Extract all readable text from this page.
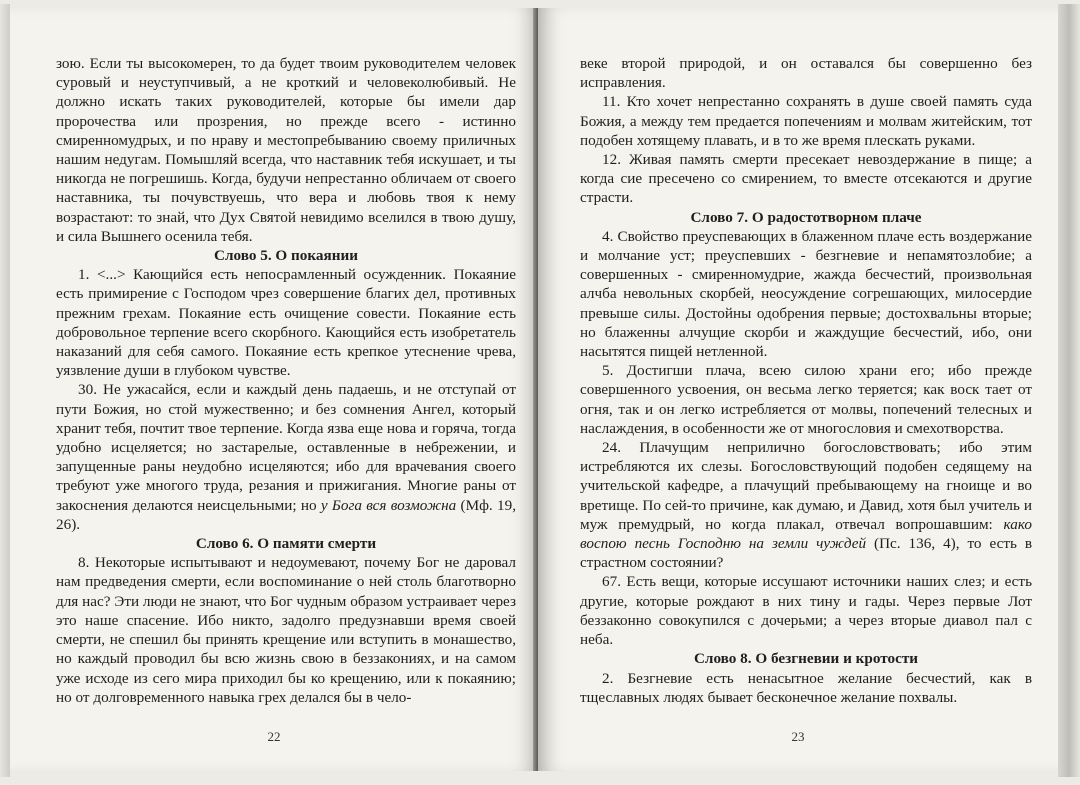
зою. Если ты высокомерен, то да будет твоим руководителем человек суровый и неуступчивый, а не кроткий и человеколюбивый. Не должно искать таких руководителей, которые бы имели дар пророчества или прозрения, но прежде всего - истинно смиренномудрых, и по нраву и местопребыванию своему приличных нашим недугам. Помышляй всегда, что наставник тебя искушает, и ты никогда не погрешишь. Когда, будучи непрестанно обличаем от своего наставника, ты почувствуешь, что вера и любовь твоя к нему возрастают: то знай, что Дух Святой невидимо вселился в твою душу, и сила Вышнего осенила тебя.

Слово 5. О покаянии

1. <...> Кающийся есть непосрамленный осужденник. Покаяние есть примирение с Господом чрез совершение благих дел, противных прежним грехам. Покаяние есть очищение совести. Покаяние есть добровольное терпение всего скорбного. Кающийся есть изобретатель наказаний для себя самого. Покаяние есть крепкое утеснение чрева, уязвление души в глубоком чувстве.

30. Не ужасайся, если и каждый день падаешь, и не отступай от пути Божия, но стой мужественно; и без сомнения Ангел, который хранит тебя, почтит твое терпение. Когда язва еще нова и горяча, тогда удобно исцеляется; но застарелые, оставленные в небрежении, и запущенные раны неудобно исцеляются; ибо для врачевания своего требуют уже многого труда, резания и прижигания. Многие раны от закоснения делаются неисцельными; но у Бога вся возможна (Мф. 19, 26).

Слово 6. О памяти смерти

8. Некоторые испытывают и недоумевают, почему Бог не даровал нам предведения смерти, если воспоминание о ней столь благотворно для нас? Эти люди не знают, что Бог чудным образом устраивает через это наше спасение. Ибо никто, задолго предузнавши время своей смерти, не спешил бы принять крещение или вступить в монашество, но каждый проводил бы всю жизнь свою в беззакониях, и на самом уже исходе из сего мира приходил бы ко крещению, или к покаянию; но от долговременного навыка грех делался бы в чело-

22

веке второй природой, и он оставался бы совершенно без исправления.

11. Кто хочет непрестанно сохранять в душе своей память суда Божия, а между тем предается попечениям и молвам житейским, тот подобен хотящему плавать, и в то же время плескать руками.

12. Живая память смерти пресекает невоздержание в пище; а когда сие пресечено со смирением, то вместе отсекаются и другие страсти.

Слово 7. О радостотворном плаче

4. Свойство преуспевающих в блаженном плаче есть воздержание и молчание уст; преуспевших - безгневие и непамятозлобие; а совершенных - смиренномудрие, жажда бесчестий, произвольная алчба невольных скорбей, неосуждение согрешающих, милосердие превыше силы. Достойны одобрения первые; достохвальны вторые; но блаженны алчущие скорби и жаждущие бесчестий, ибо, они насытятся пищей нетленной.

5. Достигши плача, всею силою храни его; ибо прежде совершенного усвоения, он весьма легко теряется; как воск тает от огня, так и он легко истребляется от молвы, попечений телесных и наслаждения, в особенности же от многословия и смехотворства.

24. Плачущим неприлично богословствовать; ибо этим истребляются их слезы. Богословствующий подобен седящему на учительской кафедре, а плачущий пребывающему на гноище и во вретище. По сей-то причине, как думаю, и Давид, хотя был учитель и муж премудрый, но когда плакал, отвечал вопрошавшим: како воспою песнь Господню на земли чуждей (Пс. 136, 4), то есть в страстном состоянии?

67. Есть вещи, которые иссушают источники наших слез; и есть другие, которые рождают в них тину и гады. Через первые Лот беззаконно совокупился с дочерьми; а через вторые диавол пал с неба.

Слово 8. О безгневии и кротости

2. Безгневие есть ненасытное желание бесчестий, как в тщеславных людях бывает бесконечное желание похвалы.

23
